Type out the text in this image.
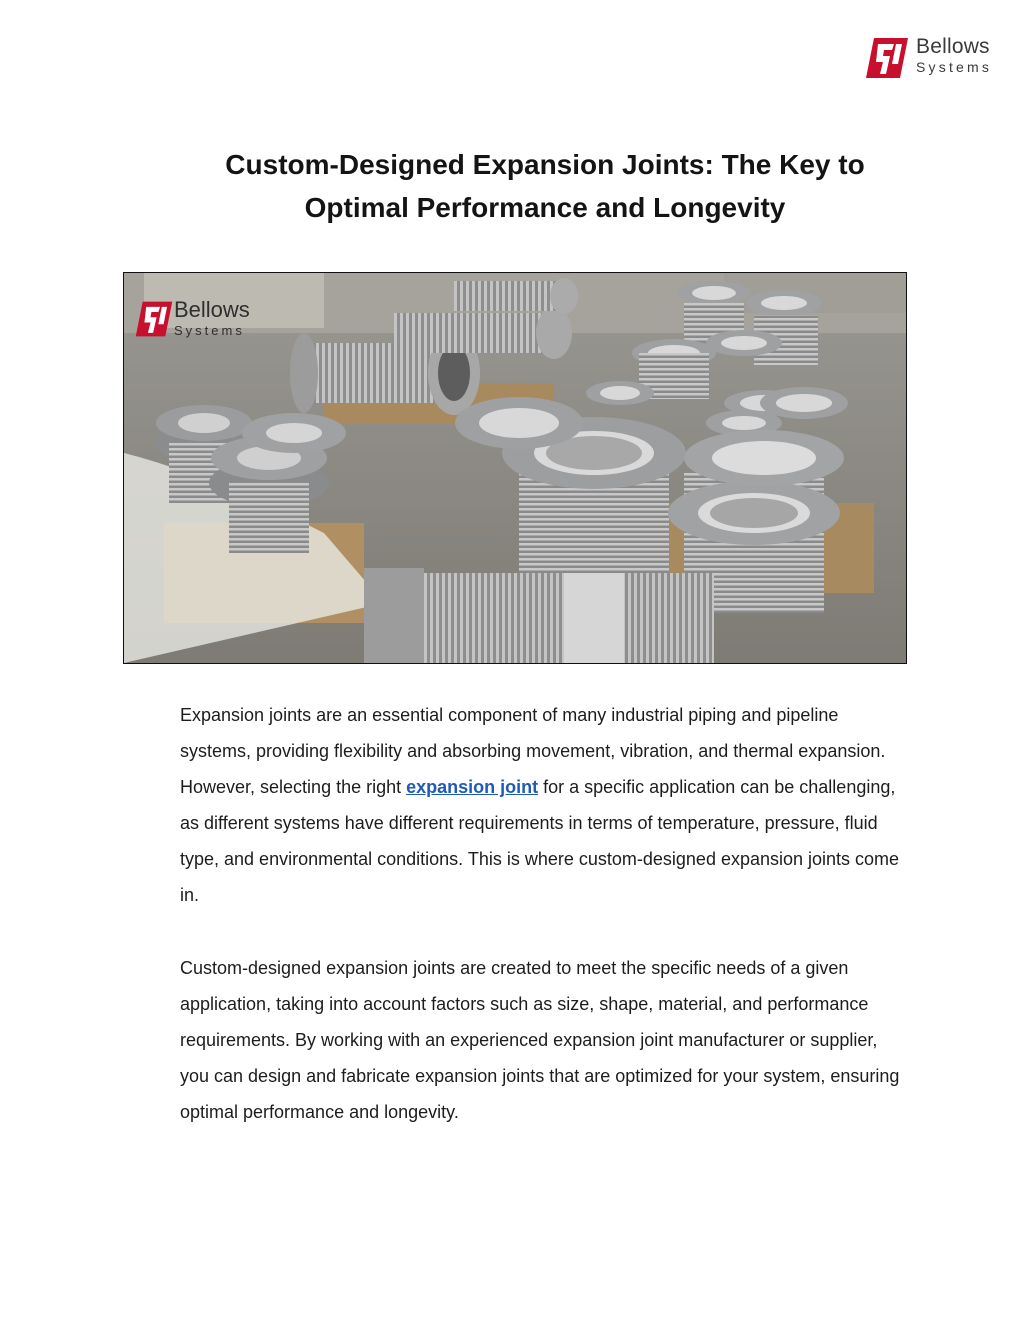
Bellows
Systems
Custom-Designed Expansion Joints: The Key to Optimal Performance and Longevity
Bellows
Systems

Expansion joints are an essential component of many industrial piping and pipeline systems, providing flexibility and absorbing movement, vibration, and thermal expansion. However, selecting the right expansion joint for a specific application can be challenging, as different systems have different requirements in terms of temperature, pressure, fluid type, and environmental conditions. This is where custom-designed expansion joints come in.

Custom-designed expansion joints are created to meet the specific needs of a given application, taking into account factors such as size, shape, material, and performance requirements. By working with an experienced expansion joint manufacturer or supplier, you can design and fabricate expansion joints that are optimized for your system, ensuring optimal performance and longevity.
